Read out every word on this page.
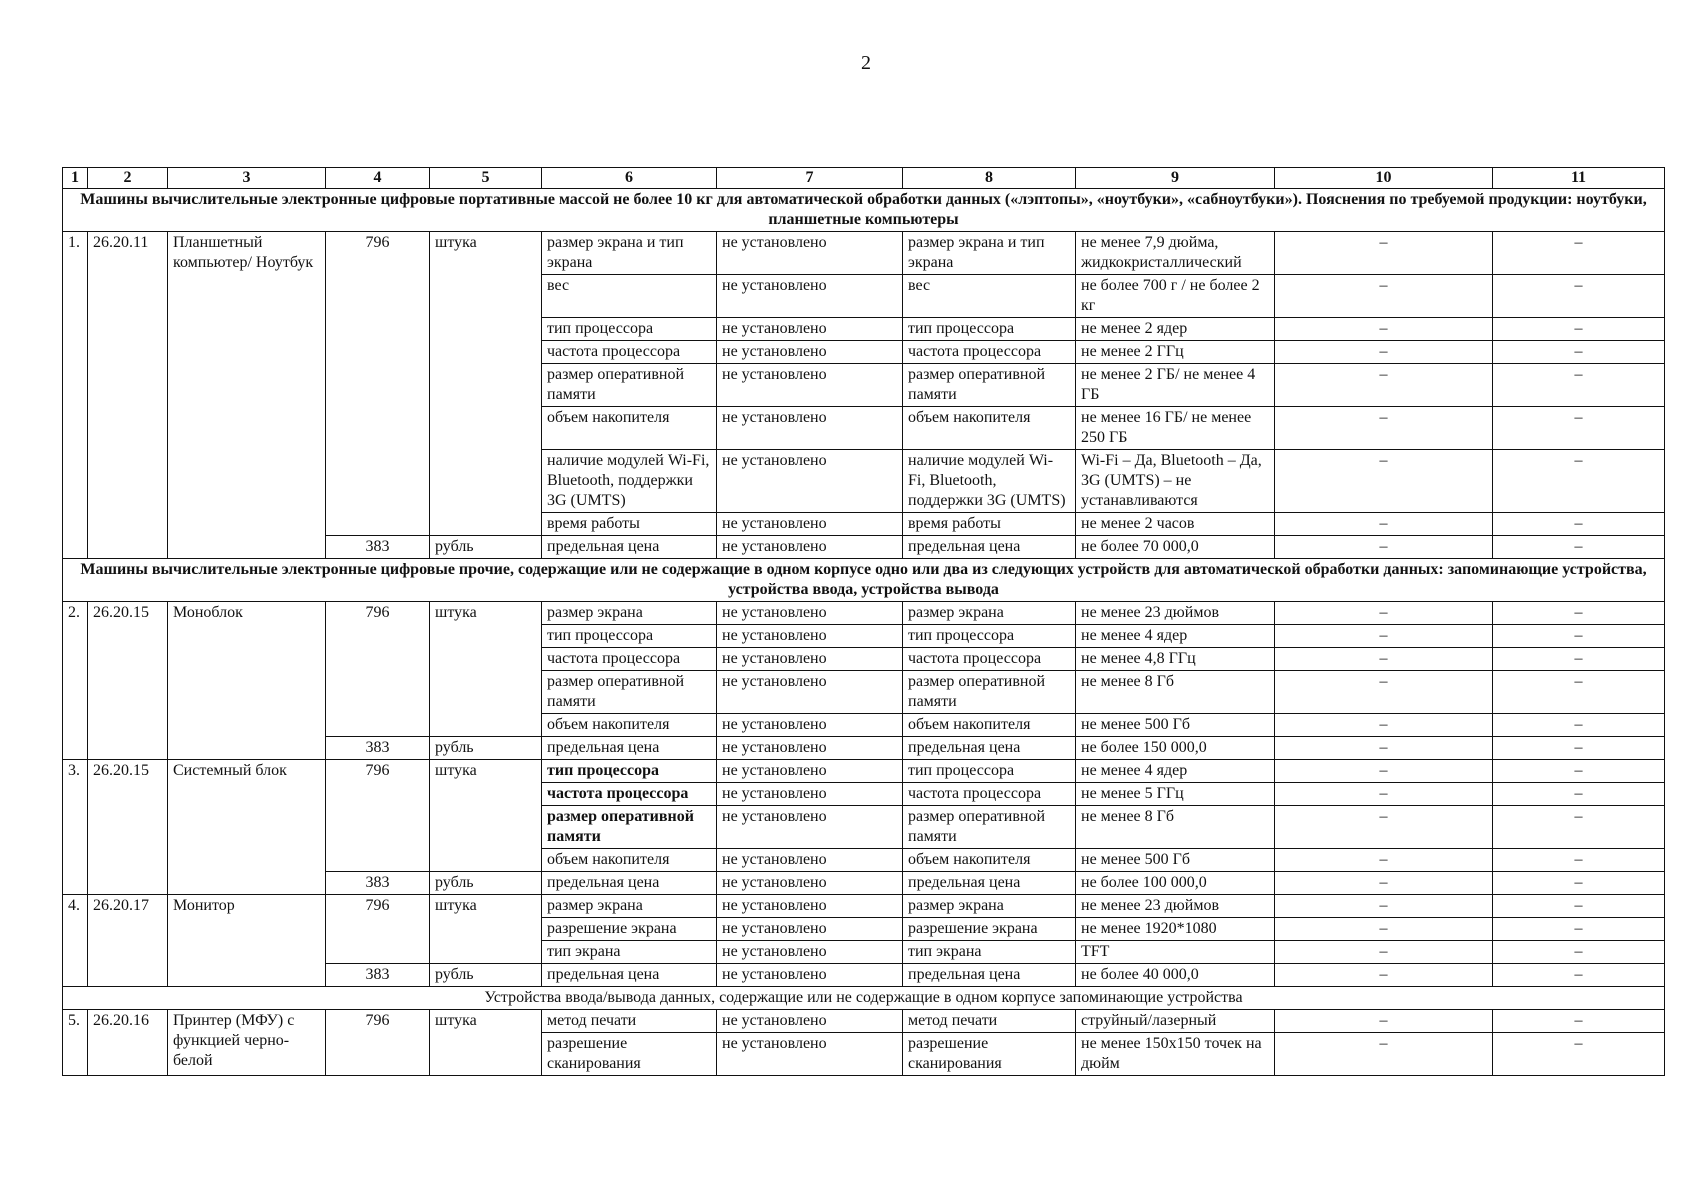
2
1	2	3	4	5	6	7	8	9	10	11
Машины вычислительные электронные цифровые портативные массой не более 10 кг для автоматической обработки данных («лэптопы», «ноутбуки», «сабноутбуки»). Пояснения по требуемой продукции: ноутбуки, планшетные компьютеры										
1.	26.20.11	Планшетный компьютер/ Ноутбук	796	штука	размер экрана и тип экрана	не установлено	размер экрана и тип экрана	не менее 7,9 дюйма, жидкокристаллический	–	–
					вес	не установлено	вес	не более 700 г / не более 2 кг	–	–
					тип процессора	не установлено	тип процессора	не менее 2 ядер	–	–
					частота процессора	не установлено	частота процессора	не менее 2 ГГц	–	–
					размер оперативной памяти	не установлено	размер оперативной памяти	не менее 2 ГБ/ не менее 4 ГБ	–	–
					объем накопителя	не установлено	объем накопителя	не менее 16 ГБ/ не менее 250 ГБ	–	–
					наличие модулей Wi-Fi, Bluetooth, поддержки 3G (UMTS)	не установлено	наличие модулей Wi-Fi, Bluetooth, поддержки 3G (UMTS)	Wi-Fi – Да, Bluetooth – Да, 3G (UMTS) – не устанавливаются	–	–
					время работы	не установлено	время работы	не менее 2 часов	–	–
			383	рубль	предельная цена	не установлено	предельная цена	не более 70 000,0	–	–
Машины вычислительные электронные цифровые прочие, содержащие или не содержащие в одном корпусе одно или два из следующих устройств для автоматической обработки данных: запоминающие устройства, устройства ввода, устройства вывода										
2.	26.20.15	Моноблок	796	штука	размер экрана	не установлено	размер экрана	не менее 23 дюймов	–	–
					тип процессора	не установлено	тип процессора	не менее 4 ядер	–	–
					частота процессора	не установлено	частота процессора	не менее 4,8 ГГц	–	–
					размер оперативной памяти	не установлено	размер оперативной памяти	не менее 8 Гб	–	–
					объем накопителя	не установлено	объем накопителя	не менее 500 Гб	–	–
			383	рубль	предельная цена	не установлено	предельная цена	не более 150 000,0	–	–
3.	26.20.15	Системный блок	796	штука	тип процессора	не установлено	тип процессора	не менее 4 ядер	–	–
					частота процессора	не установлено	частота процессора	не менее 5 ГГц	–	–
					размер оперативной памяти	не установлено	размер оперативной памяти	не менее 8 Гб	–	–
					объем накопителя	не установлено	объем накопителя	не менее 500 Гб	–	–
			383	рубль	предельная цена	не установлено	предельная цена	не более 100 000,0	–	–
4.	26.20.17	Монитор	796	штука	размер экрана	не установлено	размер экрана	не менее 23 дюймов	–	–
					разрешение экрана	не установлено	разрешение экрана	не менее 1920*1080	–	–
					тип экрана	не установлено	тип экрана	TFT	–	–
			383	рубль	предельная цена	не установлено	предельная цена	не более 40 000,0	–	–
Устройства ввода/вывода данных, содержащие или не содержащие в одном корпусе запоминающие устройства										
5.	26.20.16	Принтер (МФУ) с функцией черно-белой	796	штука	метод печати	не установлено	метод печати	струйный/лазерный	–	–
					разрешение сканирования	не установлено	разрешение сканирования	не менее 150х150 точек на дюйм	–	–
